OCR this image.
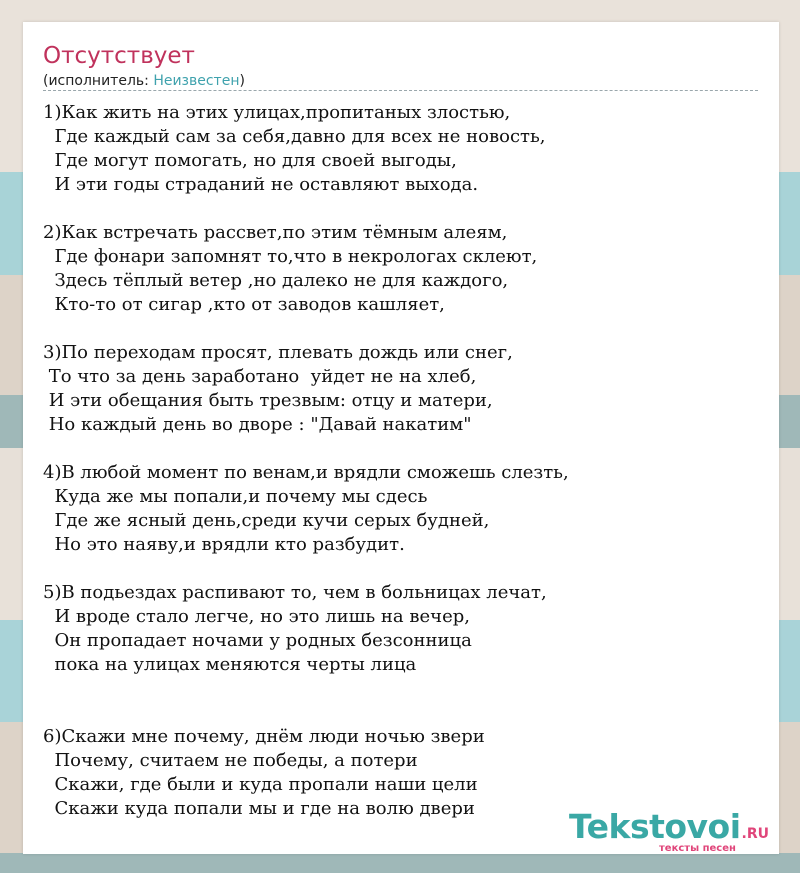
Отсутствует
(исполнитель: Неизвестен)
1)Как жить на этих улицах,пропитаных злостью,
Где каждый сам за себя,давно для всех не новость,
Где могут помогать, но для своей выгоды,
И эти годы страданий не оставляют выхода.
2)Как встречать рассвет,по этим тёмным алеям,
Где фонари запомнят то,что в некрологах склеют,
Здесь тёплый ветер ,но далеко не для каждого,
Кто-то от сигар ,кто от заводов кашляет,
3)По переходам просят, плевать дождь или снег,
То что за день заработано  уйдет не на хлеб,
И эти обещания быть трезвым: отцу и матери,
Но каждый день во дворе : "Давай накатим"
4)В любой момент по венам,и врядли сможешь слезть,
Куда же мы попали,и почему мы сдесь
Где же ясный день,среди кучи серых будней,
Но это наяву,и врядли кто разбудит.
5)В подьездах распивают то, чем в больницах лечат,
И вроде стало легче, но это лишь на вечер,
Он пропадает ночами у родных безсонница
пока на улицах меняются черты лица
6)Скажи мне почему, днём люди ночью звери
Почему, считаем не победы, а потери
Скажи, где были и куда пропали наши цели
Скажи куда попали мы и где на волю двери	Tekstovoi.RU
тексты песен
